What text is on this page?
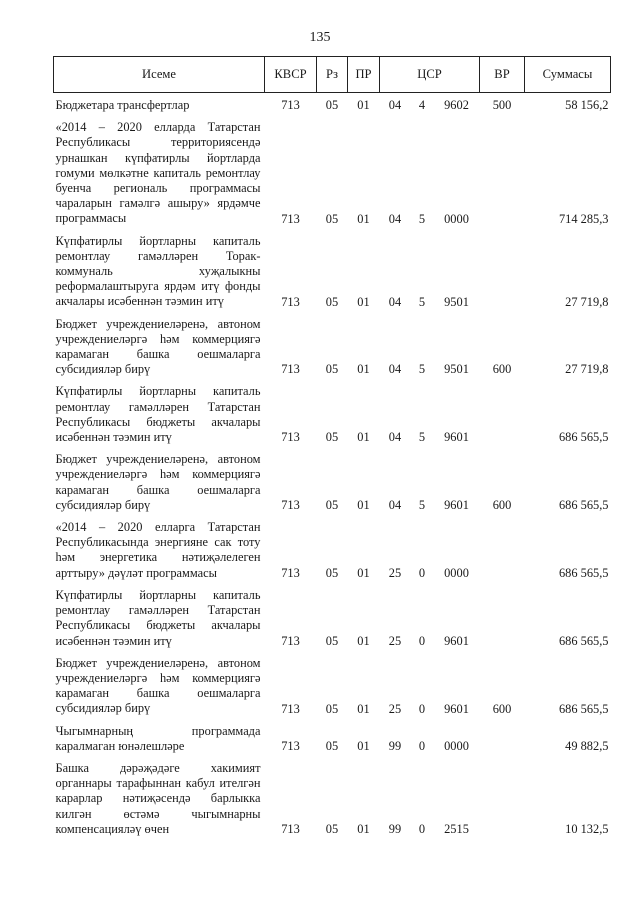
135
Исеме	КВСР	Рз	ПР	ЦСР			ВР	Суммасы

Бюджетара трансфертлар	713	05	01	04	4	9602	500	58 156,2
«2014 – 2020 елларда Татарстан Республикасы территориясендә урнашкан күпфатирлы йортларда гомуми мөлкәтне капиталь ремонтлау буенча региональ программасы чараларын гамәлгә ашыру» ярдәмче программасы	713	05	01	04	5	0000		714 285,3
Күпфатирлы йортларны капиталь ремонтлау гамәлләрен Торак-коммуналь хуҗалыкны реформалаштыруга ярдәм итү фонды акчалары исәбеннән тәэмин итү	713	05	01	04	5	9501		27 719,8
Бюджет учреждениеләренә, автоном учреждениеләргә һәм коммерциягә карамаган башка оешмаларга субсидияләр бирү	713	05	01	04	5	9501	600	27 719,8
Күпфатирлы йортларны капиталь ремонтлау гамәлләрен Татарстан Республикасы бюджеты акчалары исәбеннән тәэмин итү	713	05	01	04	5	9601		686 565,5
Бюджет учреждениеләренә, автоном учреждениеләргә һәм коммерциягә карамаган башка оешмаларга субсидияләр бирү	713	05	01	04	5	9601	600	686 565,5
«2014 – 2020 елларга Татарстан Республикасында энергияне сак тоту һәм энергетика нәтиҗәлелеген арттыру» дәүләт программасы	713	05	01	25	0	0000		686 565,5
Күпфатирлы йортларны капиталь ремонтлау гамәлләрен Татарстан Республикасы бюджеты акчалары исәбеннән тәэмин итү	713	05	01	25	0	9601		686 565,5
Бюджет учреждениеләренә, автоном учреждениеләргә һәм коммерциягә карамаган башка оешмаларга субсидияләр бирү	713	05	01	25	0	9601	600	686 565,5
Чыгымнарның программада каралмаган юнәлешләре	713	05	01	99	0	0000		49 882,5
Башка дәрәҗәдәге хакимият органнары тарафыннан кабул ителгән карарлар нәтиҗәсендә барлыкка килгән өстәмә чыгымнарны компенсацияләү өчен	713	05	01	99	0	2515		10 132,5
